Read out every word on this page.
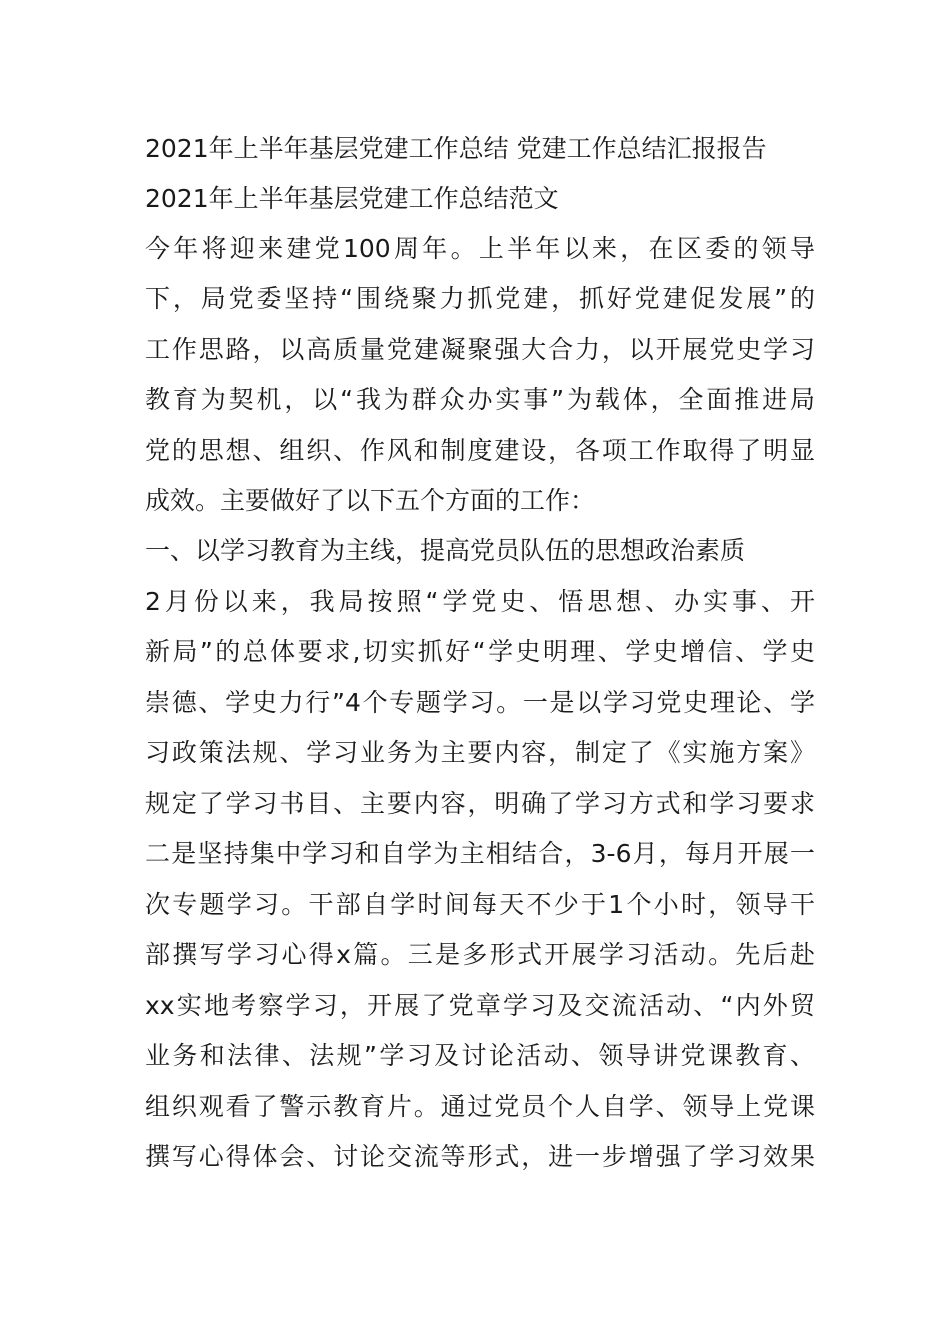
2021年上半年基层党建工作总结 党建工作总结汇报报告
2021年上半年基层党建工作总结范文
今年将迎来建党100周年。上半年以来，在区委的领导
下，局党委坚持“围绕聚力抓党建，抓好党建促发展”的
工作思路，以高质量党建凝聚强大合力，以开展党史学习
教育为契机，以“我为群众办实事”为载体，全面推进局
党的思想、组织、作风和制度建设，各项工作取得了明显
成效。主要做好了以下五个方面的工作：
一、以学习教育为主线，提高党员队伍的思想政治素质
2月份以来，我局按照“学党史、悟思想、办实事、开
新局”的总体要求,切实抓好“学史明理、学史增信、学史
崇德、学史力行”4个专题学习。一是以学习党史理论、学
习政策法规、学习业务为主要内容，制定了《实施方案》
规定了学习书目、主要内容，明确了学习方式和学习要求
二是坚持集中学习和自学为主相结合，3-6月，每月开展一
次专题学习。干部自学时间每天不少于1个小时，领导干
部撰写学习心得x篇。三是多形式开展学习活动。先后赴
xx实地考察学习，开展了党章学习及交流活动、“内外贸
业务和法律、法规”学习及讨论活动、领导讲党课教育、
组织观看了警示教育片。通过党员个人自学、领导上党课
撰写心得体会、讨论交流等形式，进一步增强了学习效果
